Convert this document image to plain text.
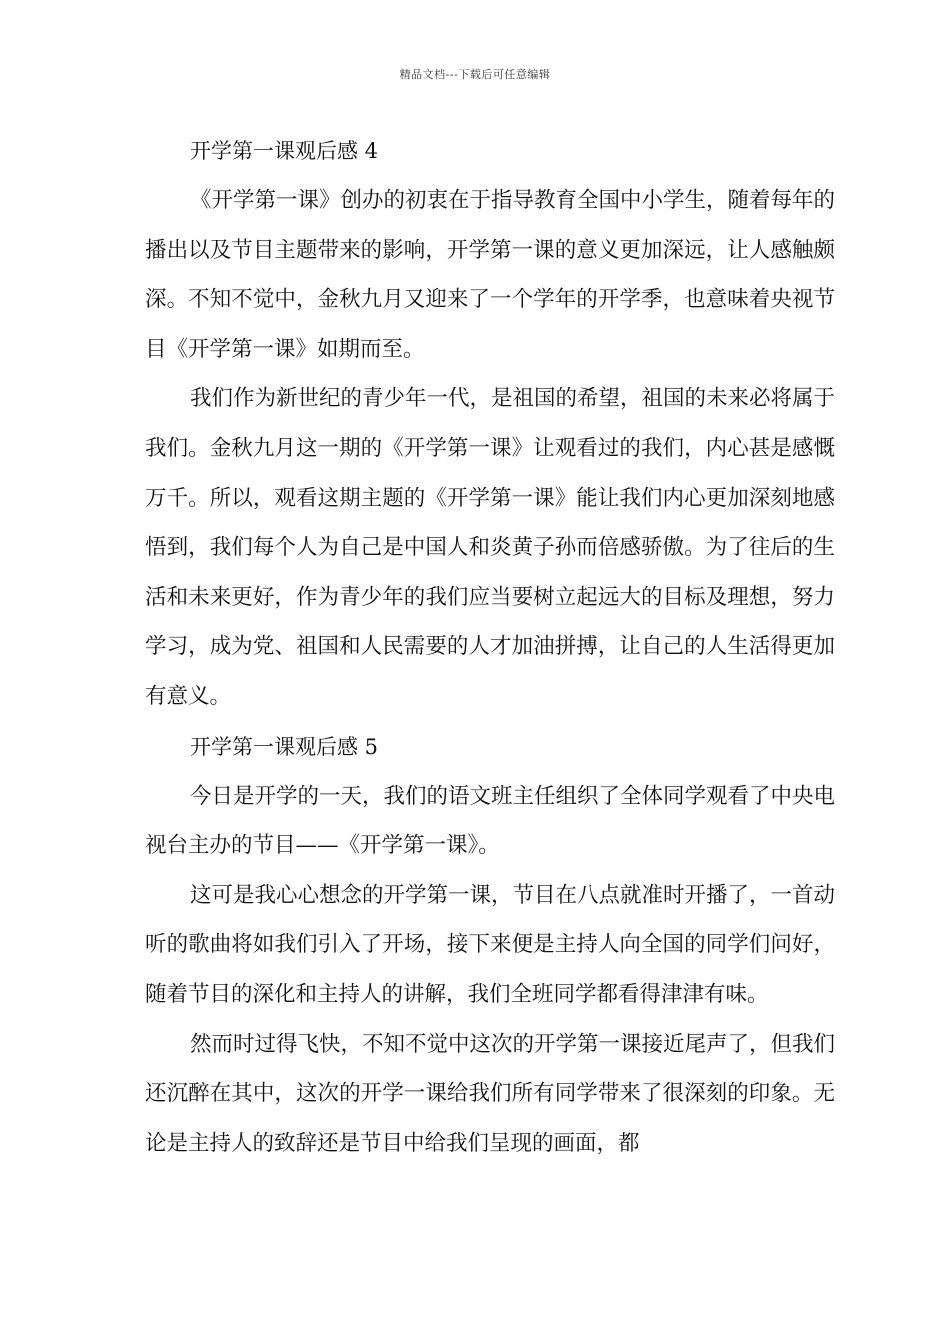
精品文档---下载后可任意编辑
开学第一课观后感 4

《开学第一课》创办的初衷在于指导教育全国中小学生，随着每年的播出以及节目主题带来的影响，开学第一课的意义更加深远，让人感触颇深。不知不觉中，金秋九月又迎来了一个学年的开学季，也意味着央视节目《开学第一课》如期而至。

我们作为新世纪的青少年一代，是祖国的希望，祖国的未来必将属于我们。金秋九月这一期的《开学第一课》让观看过的我们，内心甚是感慨万千。所以，观看这期主题的《开学第一课》能让我们内心更加深刻地感悟到，我们每个人为自己是中国人和炎黄子孙而倍感骄傲。为了往后的生活和未来更好，作为青少年的我们应当要树立起远大的目标及理想，努力学习，成为党、祖国和人民需要的人才加油拼搏，让自己的人生活得更加有意义。

开学第一课观后感 5

今日是开学的一天，我们的语文班主任组织了全体同学观看了中央电视台主办的节目——《开学第一课》。

这可是我心心想念的开学第一课，节目在八点就准时开播了，一首动听的歌曲将如我们引入了开场，接下来便是主持人向全国的同学们问好，随着节目的深化和主持人的讲解，我们全班同学都看得津津有味。

然而时过得飞快，不知不觉中这次的开学第一课接近尾声了，但我们还沉醉在其中，这次的开学一课给我们所有同学带来了很深刻的印象。无论是主持人的致辞还是节目中给我们呈现的画面，都
